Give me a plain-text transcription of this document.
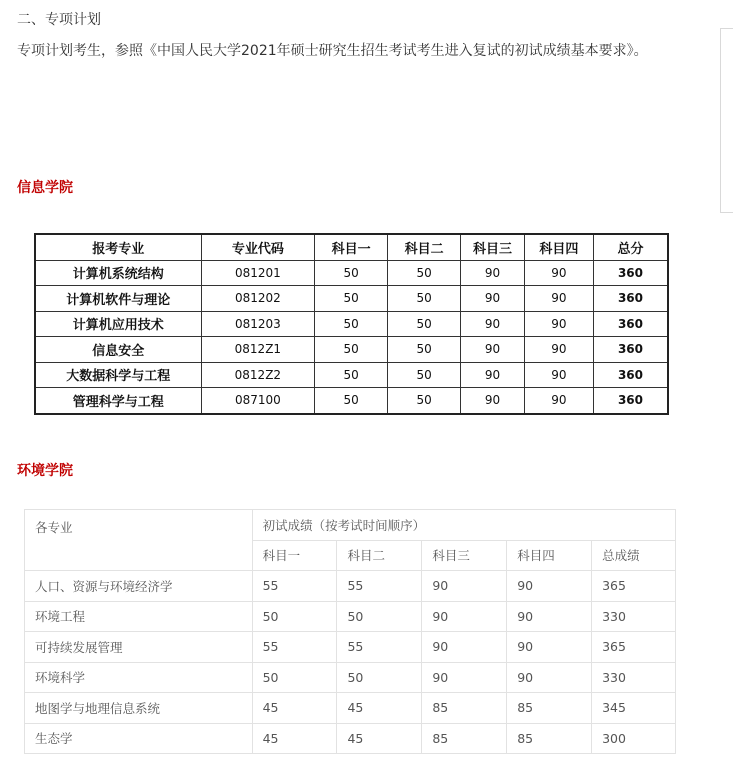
二、专项计划
专项计划考生，参照《中国人民大学2021年硕士研究生招生考试考生进入复试的初试成绩基本要求》。
信息学院
报考专业	专业代码	科目一	科目二	科目三	科目四	总分
计算机系统结构	081201	50	50	90	90	360
计算机软件与理论	081202	50	50	90	90	360
计算机应用技术	081203	50	50	90	90	360
信息安全	0812Z1	50	50	90	90	360
大数据科学与工程	0812Z2	50	50	90	90	360
管理科学与工程	087100	50	50	90	90	360
环境学院
各专业	初试成绩（按考试时间顺序）				
	科目一	科目二	科目三	科目四	总成绩
人口、资源与环境经济学	55	55	90	90	365
环境工程	50	50	90	90	330
可持续发展管理	55	55	90	90	365
环境科学	50	50	90	90	330
地图学与地理信息系统	45	45	85	85	345
生态学	45	45	85	85	300
